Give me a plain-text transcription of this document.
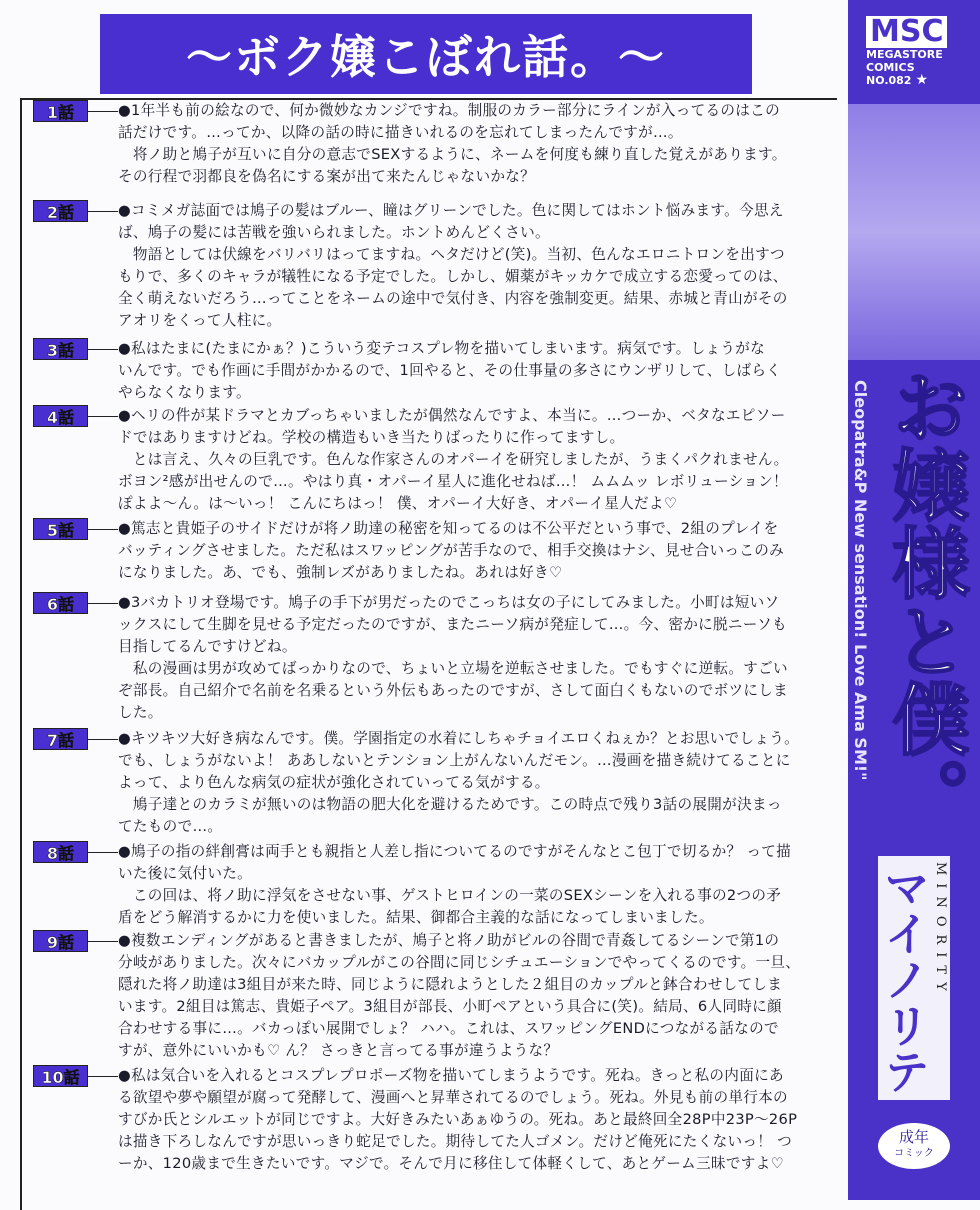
～ボク嬢こぼれ話。～
1話	●1年半も前の絵なので、何か微妙なカンジですね。制服のカラー部分にラインが入ってるのはこの
話だけです。…ってか、以降の話の時に描きいれるのを忘れてしまったんですが…。
　将ノ助と鳩子が互いに自分の意志でSEXするように、ネームを何度も練り直した覚えがあります。
その行程で羽都良を偽名にする案が出て来たんじゃないかな？
2話	●コミメガ誌面では鳩子の髪はブルー、瞳はグリーンでした。色に関してはホント悩みます。今思え
ば、鳩子の髪には苦戦を強いられました。ホントめんどくさい。
　物語としては伏線をバリバリはってますね。ヘタだけど(笑)。当初、色んなエロニトロンを出すつ
もりで、多くのキャラが犠牲になる予定でした。しかし、媚薬がキッカケで成立する恋愛ってのは、
全く萌えないだろう…ってことをネームの途中で気付き、内容を強制変更。結果、赤城と青山がその
アオリをくって人柱に。
3話	●私はたまに(たまにかぁ？)こういう変テコスプレ物を描いてしまいます。病気です。しょうがな
いんです。でも作画に手間がかかるので、1回やると、その仕事量の多さにウンザリして、しばらく
やらなくなります。
4話	●ヘリの件が某ドラマとカブっちゃいましたが偶然なんですよ、本当に。…つーか、ベタなエピソー
ドではありますけどね。学校の構造もいき当たりばったりに作ってますし。
　とは言え、久々の巨乳です。色んな作家さんのオパーイを研究しましたが、うまくパクれません。
ボヨン²感が出せんので…。やはり真・オパーイ星人に進化せねば…！ ムムムッ レボリューション！
ぽよよ～ん。は～いっ！ こんにちはっ！ 僕、オパーイ大好き、オパーイ星人だよ♡
5話	●篤志と貴姫子のサイドだけが将ノ助達の秘密を知ってるのは不公平だという事で、2組のプレイを
バッティングさせました。ただ私はスワッピングが苦手なので、相手交換はナシ、見せ合いっこのみ
になりました。あ、でも、強制レズがありましたね。あれは好き♡
6話	●3バカトリオ登場です。鳩子の手下が男だったのでこっちは女の子にしてみました。小町は短いソ
ックスにして生脚を見せる予定だったのですが、またニーソ病が発症して…。今、密かに脱ニーソも
目指してるんですけどね。
　私の漫画は男が攻めてばっかりなので、ちょいと立場を逆転させました。でもすぐに逆転。すごい
ぞ部長。自己紹介で名前を名乗るという外伝もあったのですが、さして面白くもないのでボツにしま
した。
7話	●キツキツ大好き病なんです。僕。学園指定の水着にしちゃチョイエロくねぇか？とお思いでしょう。
でも、しょうがないよ！ ああしないとテンション上がんないんだモン。…漫画を描き続けてることに
よって、より色んな病気の症状が強化されていってる気がする。
　鳩子達とのカラミが無いのは物語の肥大化を避けるためです。この時点で残り3話の展開が決まっ
てたもので…。
8話	●鳩子の指の絆創膏は両手とも親指と人差し指についてるのですがそんなとこ包丁で切るか？ って描
いた後に気付いた。
　この回は、将ノ助に浮気をさせない事、ゲストヒロインの一菜のSEXシーンを入れる事の2つの矛
盾をどう解消するかに力を使いました。結果、御都合主義的な話になってしまいました。
9話	●複数エンディングがあると書きましたが、鳩子と将ノ助がビルの谷間で青姦してるシーンで第1の
分岐がありました。次々にバカップルがこの谷間に同じシチュエーションでやってくるのです。一旦、
隠れた将ノ助達は3組目が来た時、同じように隠れようとした２組目のカップルと鉢合わせしてしま
います。2組目は篤志、貴姫子ペア。3組目が部長、小町ペアという具合に(笑)。結局、6人同時に顔
合わせする事に…。バカっぽい展開でしょ？ ハハ。これは、スワッピングENDにつながる話なので
すが、意外にいいかも♡ ん？ さっきと言ってる事が違うような？
10話	●私は気合いを入れるとコスプレプロポーズ物を描いてしまうようです。死ね。きっと私の内面にあ
る欲望や夢や願望が腐って発酵して、漫画へと昇華されてるのでしょう。死ね。外見も前の単行本の
すびか氏とシルエットが同じですよ。大好きみたいあぁゆうの。死ね。あと最終回全28P中23P～26P
は描き下ろしなんですが思いっきり蛇足でした。期待してた人ゴメン。だけど俺死にたくないっ！ つ
ーか、120歳まで生きたいです。マジで。そんで月に移住して体軽くして、あとゲーム三昧ですよ♡
MSC
MEGASTORE
COMICS
NO.082 ★
Cleopatra&P New sensation! Love Ama SM!" お嬢様と僕。
マイノリティ	MINORITY
成年
コミック
